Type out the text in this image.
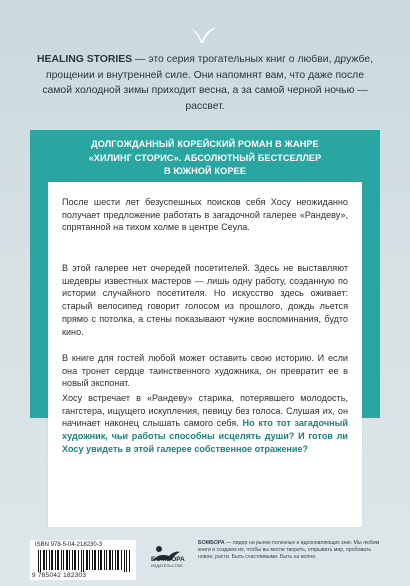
HEALING STORIES — это серия трогательных книг о любви, дружбе, прощении и внутренней силе. Они напомнят вам, что даже после самой холодной зимы приходит весна, а за самой черной ночью — рассвет.
ДОЛГОЖДАННЫЙ КОРЕЙСКИЙ РОМАН В ЖАНРЕ
«ХИЛИНГ СТОРИС». АБСОЛЮТНЫЙ БЕСТСЕЛЛЕР
В ЮЖНОЙ КОРЕЕ

После шести лет безуспешных поисков себя Хосу неожиданно получает предложение работать в загадочной галерее «Рандеву», спрятанной на тихом холме в центре Сеула.

В этой галерее нет очередей посетителей. Здесь не выставляют шедевры известных мастеров — лишь одну работу, созданную по истории случайного посетителя. Но искусство здесь оживает: старый велосипед говорит голосом из прошлого, дождь льется прямо с потолка, а стены показывают чужие воспоминания, будто кино.

В книге для гостей любой может оставить свою историю. И если она тронет сердце таинственного художника, он превратит ее в новый экспонат.

Хосу встречает в «Рандеву» старика, потерявшего молодость, гангстера, ищущего искупления, певицу без голоса. Слушая их, он начинает наконец слышать самого себя. Но кто тот загадочный художник, чьи работы способны исцелять души? И готов ли Хосу увидеть в этой галерее собственное отражение?

ISBN 978-5-04-218230-3
9 785042 182303
БОМБОРА
ИЗДАТЕЛЬСТВО
БОМБОРА — лидер на рынке полезных и вдохновляющих книг. Мы любим книги и создаем их, чтобы вы могли творить, открывать мир, пробовать новое, расти. Быть счастливыми. Быть на волне.
